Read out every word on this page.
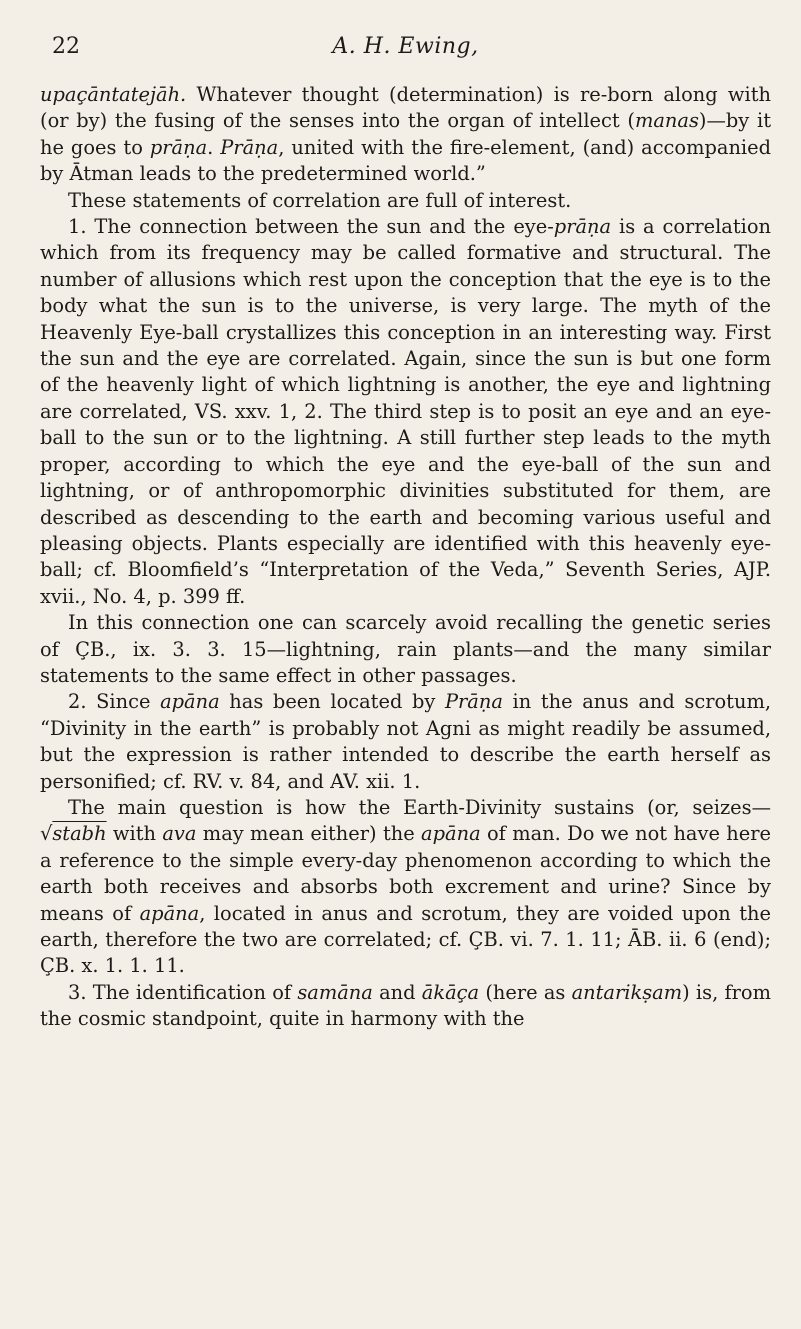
22	A. H. Ewing,

upaçāntatejāh. Whatever thought (determination) is re-born along with (or by) the fusing of the senses into the organ of intellect (manas)—by it he goes to prāṇa. Prāṇa, united with the fire-element, (and) accompanied by Ātman leads to the predetermined world.”

These statements of correlation are full of interest.

1. The connection between the sun and the eye-prāṇa is a correlation which from its frequency may be called formative and structural. The number of allusions which rest upon the conception that the eye is to the body what the sun is to the universe, is very large. The myth of the Heavenly Eye-ball crystallizes this conception in an interesting way. First the sun and the eye are correlated. Again, since the sun is but one form of the heavenly light of which lightning is another, the eye and lightning are correlated, VS. xxv. 1, 2. The third step is to posit an eye and an eye-ball to the sun or to the lightning. A still further step leads to the myth proper, according to which the eye and the eye-ball of the sun and lightning, or of anthropomorphic divinities substituted for them, are described as descending to the earth and becoming various useful and pleasing objects. Plants especially are identified with this heavenly eye-ball; cf. Bloomfield’s “Interpretation of the Veda,” Seventh Series, AJP. xvii., No. 4, p. 399 ff.

In this connection one can scarcely avoid recalling the genetic series of ÇB., ix. 3. 3. 15—lightning, rain plants—and the many similar statements to the same effect in other passages.

2. Since apāna has been located by Prāṇa in the anus and scrotum, “Divinity in the earth” is probably not Agni as might readily be assumed, but the expression is rather intended to describe the earth herself as personified; cf. RV. v. 84, and AV. xii. 1.

The main question is how the Earth-Divinity sustains (or, seizes—√stabh with ava may mean either) the apāna of man. Do we not have here a reference to the simple every-day phenomenon according to which the earth both receives and absorbs both excrement and urine? Since by means of apāna, located in anus and scrotum, they are voided upon the earth, therefore the two are correlated; cf. ÇB. vi. 7. 1. 11; ĀB. ii. 6 (end); ÇB. x. 1. 1. 11.

3. The identification of samāna and ākāça (here as antarikṣam) is, from the cosmic standpoint, quite in harmony with the
